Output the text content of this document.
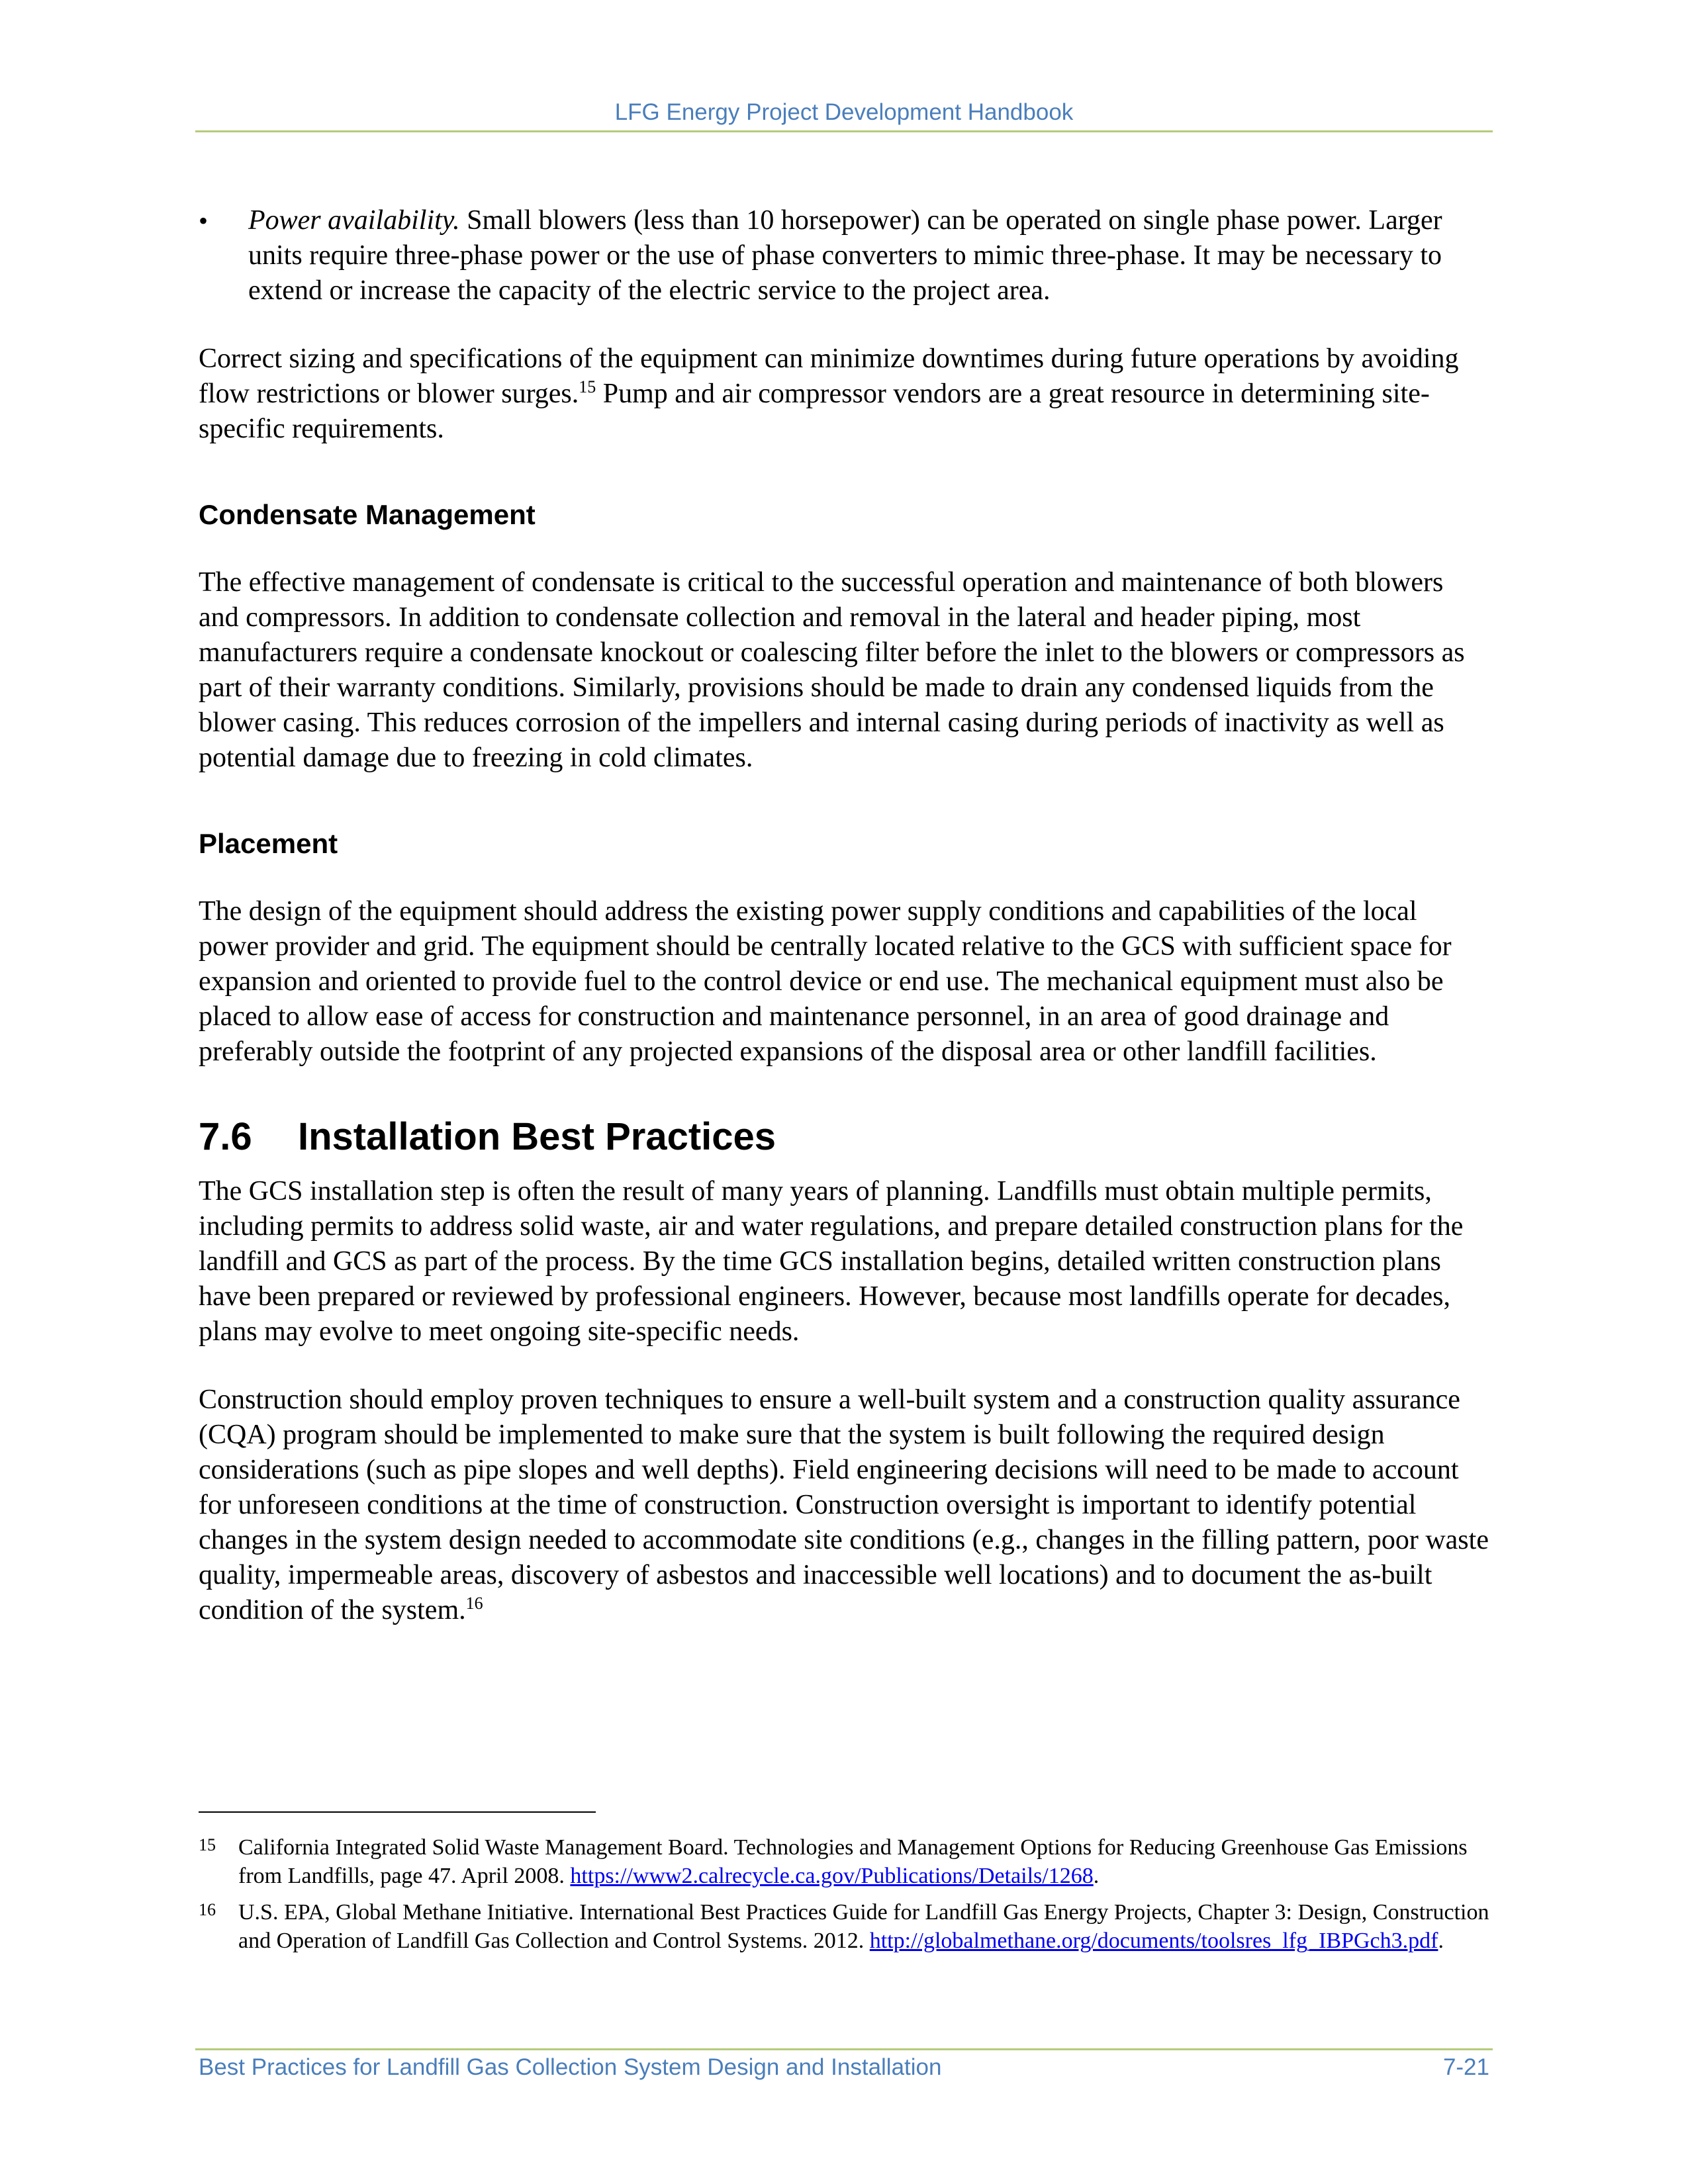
LFG Energy Project Development Handbook
• Power availability. Small blowers (less than 10 horsepower) can be operated on single phase power. Larger units require three-phase power or the use of phase converters to mimic three-phase. It may be necessary to extend or increase the capacity of the electric service to the project area.

Correct sizing and specifications of the equipment can minimize downtimes during future operations by avoiding flow restrictions or blower surges.$^{15}$ Pump and air compressor vendors are a great resource in determining site-specific requirements.

Condensate Management

The effective management of condensate is critical to the successful operation and maintenance of both blowers and compressors. In addition to condensate collection and removal in the lateral and header piping, most manufacturers require a condensate knockout or coalescing filter before the inlet to the blowers or compressors as part of their warranty conditions. Similarly, provisions should be made to drain any condensed liquids from the blower casing. This reduces corrosion of the impellers and internal casing during periods of inactivity as well as potential damage due to freezing in cold climates.

Placement

The design of the equipment should address the existing power supply conditions and capabilities of the local power provider and grid. The equipment should be centrally located relative to the GCS with sufficient space for expansion and oriented to provide fuel to the control device or end use. The mechanical equipment must also be placed to allow ease of access for construction and maintenance personnel, in an area of good drainage and preferably outside the footprint of any projected expansions of the disposal area or other landfill facilities.

7.6	Installation Best Practices

The GCS installation step is often the result of many years of planning. Landfills must obtain multiple permits, including permits to address solid waste, air and water regulations, and prepare detailed construction plans for the landfill and GCS as part of the process. By the time GCS installation begins, detailed written construction plans have been prepared or reviewed by professional engineers. However, because most landfills operate for decades, plans may evolve to meet ongoing site-specific needs.

Construction should employ proven techniques to ensure a well-built system and a construction quality assurance (CQA) program should be implemented to make sure that the system is built following the required design considerations (such as pipe slopes and well depths). Field engineering decisions will need to be made to account for unforeseen conditions at the time of construction. Construction oversight is important to identify potential changes in the system design needed to accommodate site conditions (e.g., changes in the filling pattern, poor waste quality, impermeable areas, discovery of asbestos and inaccessible well locations) and to document the as-built condition of the system.$^{16}$

15 California Integrated Solid Waste Management Board. Technologies and Management Options for Reducing Greenhouse Gas Emissions from Landfills, page 47. April 2008. https://www2.calrecycle.ca.gov/Publications/Details/1268.
16 U.S. EPA, Global Methane Initiative. International Best Practices Guide for Landfill Gas Energy Projects, Chapter 3: Design, Construction and Operation of Landfill Gas Collection and Control Systems. 2012. http://globalmethane.org/documents/toolsres_lfg_IBPGch3.pdf.
Best Practices for Landfill Gas Collection System Design and Installation	7-21
